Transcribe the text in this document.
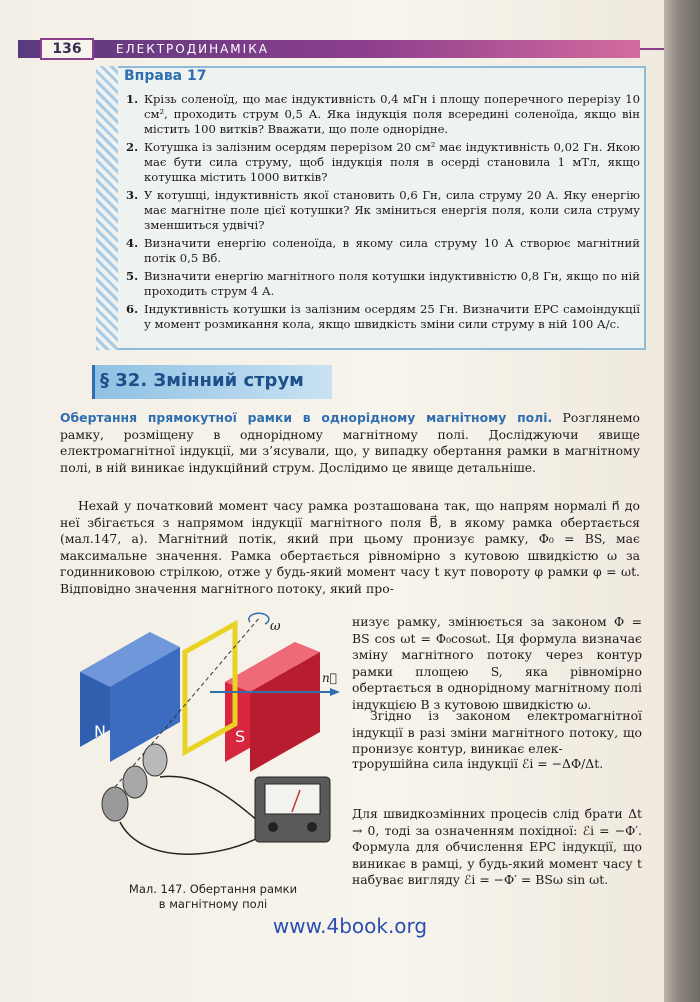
136	ЕЛЕКТРОДИНАМІКА
Вправа 17
1. Крізь соленоїд, що має індуктивність 0,4 мГн і площу поперечного перерізу 10 см², проходить струм 0,5 А. Яка індукція поля всередині соленоїда, якщо він містить 100 витків? Вважати, що поле однорідне.
2. Котушка із залізним осердям перерізом 20 см² має індуктивність 0,02 Гн. Якою має бути сила струму, щоб індукція поля в осерді становила 1 мТл, якщо котушка містить 1000 витків?
3. У котушці, індуктивність якої становить 0,6 Гн, сила струму 20 А. Яку енергію має магнітне поле цієї котушки? Як зміниться енергія поля, коли сила струму зменшиться удвічі?
4. Визначити енергію соленоїда, в якому сила струму 10 А створює магнітний потік 0,5 Вб.
5. Визначити енергію магнітного поля котушки індуктивністю 0,8 Гн, якщо по ній проходить струм 4 А.
6. Індуктивність котушки із залізним осердям 25 Гн. Визначити ЕРС самоіндукції у момент розмикання кола, якщо швидкість зміни сили струму в ній 100 А/с.
§ 32. Змінний струм
Обертання прямокутної рамки в однорідному магнітному полі. Розглянемо рамку, розміщену в однорідному магнітному полі. Досліджуючи явище електромагнітної індукції, ми з’ясували, що, у випадку обертання рамки в магнітному полі, в ній виникає індукційний струм. Дослідимо це явище детальніше.
Нехай у початковий момент часу рамка розташована так, що напрям нормалі n⃗ до неї збігається з напрямом індукції магнітного поля B⃗, в якому рамка обертається (мал.147, а). Магнітний потік, який при цьому пронизує рамку, Φ₀ = BS, має максимальне значення. Рамка обертається рівномірно з кутовою швидкістю ω за годинниковою стрілкою, отже у будь-який момент часу t кут повороту φ рамки φ = ωt. Відповідно значення магнітного потоку, який про-
низує рамку, змінюється за законом Φ = BS cos ωt = Φ₀cosωt. Ця формула визначає зміну магнітного потоку через контур рамки площею S, яка рівномірно обертається в однорідному магнітному полі індукцією B з кутовою швидкістю ω.
Згідно із законом електромагнітної індукції в разі зміни магнітного потоку, що пронизує контур, виникає елек-
трорушійна сила індукції ℰi = −ΔΦ/Δt.
Для швидкозмінних процесів слід брати Δt → 0, тоді за означенням похідної: ℰi = −Φ′. Формула для обчислення ЕРС індукції, що виникає в рамці, у будь-який момент часу t набуває вигляду ℰi = −Φ′ = BSω sin ωt.
N	S
ω
n⃗
Мал. 147. Обертання рамки
в магнітному полі
www.4book.org
